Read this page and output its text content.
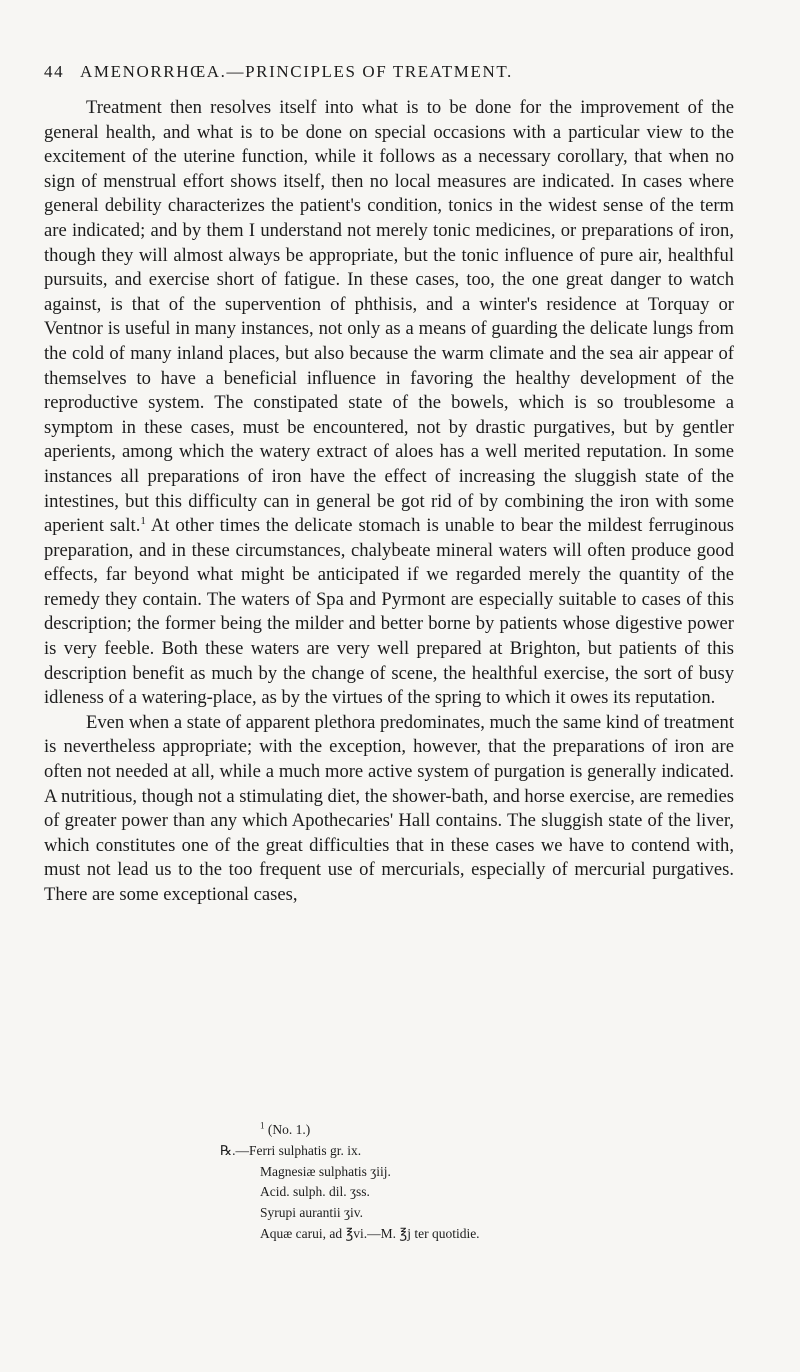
44 AMENORRHŒA.—PRINCIPLES OF TREATMENT.

Treatment then resolves itself into what is to be done for the improvement of the general health, and what is to be done on special occasions with a particular view to the excitement of the uterine function, while it follows as a necessary corollary, that when no sign of menstrual effort shows itself, then no local measures are indicated. In cases where general debility characterizes the patient's condition, tonics in the widest sense of the term are indicated; and by them I understand not merely tonic medicines, or preparations of iron, though they will almost always be appropriate, but the tonic influence of pure air, healthful pursuits, and exercise short of fatigue. In these cases, too, the one great danger to watch against, is that of the supervention of phthisis, and a winter's residence at Torquay or Ventnor is useful in many instances, not only as a means of guarding the delicate lungs from the cold of many inland places, but also because the warm climate and the sea air appear of themselves to have a beneficial influence in favoring the healthy development of the reproductive system. The constipated state of the bowels, which is so troublesome a symptom in these cases, must be encountered, not by drastic purgatives, but by gentler aperients, among which the watery extract of aloes has a well merited reputation. In some instances all preparations of iron have the effect of increasing the sluggish state of the intestines, but this difficulty can in general be got rid of by combining the iron with some aperient salt.$^1$ At other times the delicate stomach is unable to bear the mildest ferruginous preparation, and in these circumstances, chalybeate mineral waters will often produce good effects, far beyond what might be anticipated if we regarded merely the quantity of the remedy they contain. The waters of Spa and Pyrmont are especially suitable to cases of this description; the former being the milder and better borne by patients whose digestive power is very feeble. Both these waters are very well prepared at Brighton, but patients of this description benefit as much by the change of scene, the healthful exercise, the sort of busy idleness of a watering-place, as by the virtues of the spring to which it owes its reputation.

Even when a state of apparent plethora predominates, much the same kind of treatment is nevertheless appropriate; with the exception, however, that the preparations of iron are often not needed at all, while a much more active system of purgation is generally indicated. A nutritious, though not a stimulating diet, the shower-bath, and horse exercise, are remedies of greater power than any which Apothecaries' Hall contains. The sluggish state of the liver, which constitutes one of the great difficulties that in these cases we have to contend with, must not lead us to the too frequent use of mercurials, especially of mercurial purgatives. There are some exceptional cases,

$^1$ (No. 1.)
℞.—Ferri sulphatis gr. ix.
Magnesiæ sulphatis ʒiij.
Acid. sulph. dil. ʒss.
Syrupi aurantii ʒiv.
Aquæ carui, ad ℥vi.—M. ℥j ter quotidie.
